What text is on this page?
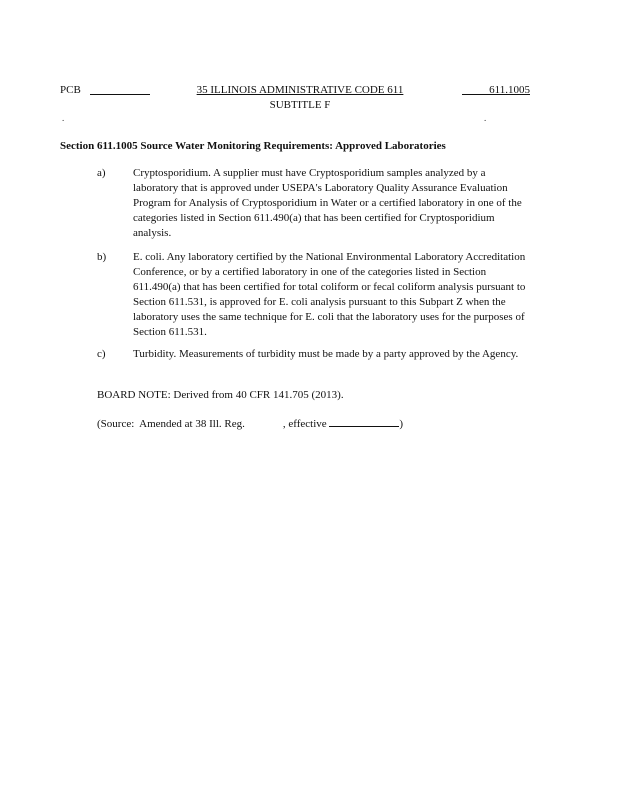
PCB	35 ILLINOIS ADMINISTRATIVE CODE 611	611.1005
SUBTITLE F
.	.
Section 611.1005 Source Water Monitoring Requirements: Approved Laboratories
a) Cryptosporidium. A supplier must have Cryptosporidium samples analyzed by a laboratory that is approved under USEPA's Laboratory Quality Assurance Evaluation Program for Analysis of Cryptosporidium in Water or a certified laboratory in one of the categories listed in Section 611.490(a) that has been certified for Cryptosporidium analysis.
b) E. coli. Any laboratory certified by the National Environmental Laboratory Accreditation Conference, or by a certified laboratory in one of the categories listed in Section 611.490(a) that has been certified for total coliform or fecal coliform analysis pursuant to Section 611.531, is approved for E. coli analysis pursuant to this Subpart Z when the laboratory uses the same technique for E. coli that the laboratory uses for the purposes of Section 611.531.
c) Turbidity. Measurements of turbidity must be made by a party approved by the Agency.
BOARD NOTE: Derived from 40 CFR 141.705 (2013).
(Source:  Amended at 38 Ill. Reg.	, effective	)
